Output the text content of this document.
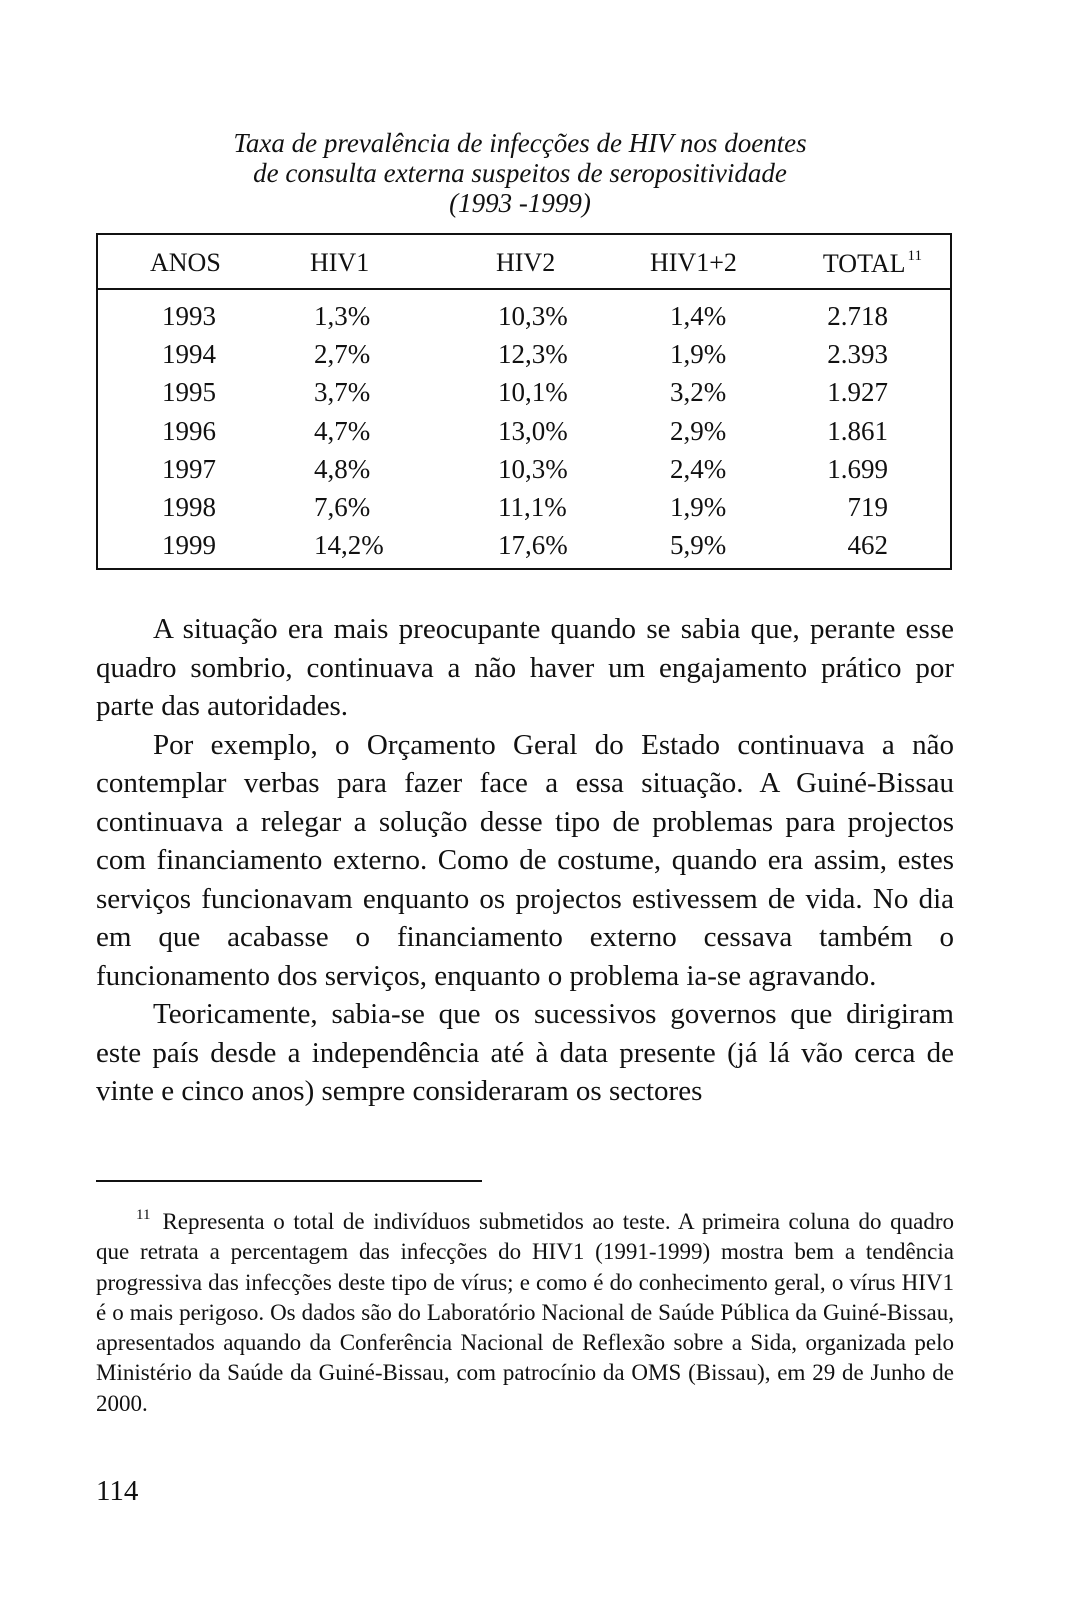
Taxa de prevalência de infecções de HIV nos doentes
de consulta externa suspeitos de seropositividade
(1993 -1999)
ANOS	HIV1	HIV2	HIV1+2	TOTAL $^{11}$
1993	1,3%	10,3%	1,4%	2.718
1994	2,7%	12,3%	1,9%	2.393
1995	3,7%	10,1%	3,2%	1.927
1996	4,7%	13,0%	2,9%	1.861
1997	4,8%	10,3%	2,4%	1.699
1998	7,6%	11,1%	1,9%	719
1999	14,2%	17,6%	5,9%	462

A situação era mais preocupante quando se sabia que, perante esse quadro sombrio, continuava a não haver um engajamento prático por parte das autoridades.

Por exemplo, o Orçamento Geral do Estado continuava a não contemplar verbas para fazer face a essa situação. A Guiné-Bissau continuava a relegar a solução desse tipo de problemas para projectos com financiamento externo. Como de costume, quando era assim, estes serviços funcionavam enquanto os projectos estivessem de vida. No dia em que acabasse o financiamento externo cessava também o funcionamento dos serviços, enquanto o problema ia-se agravando.

Teoricamente, sabia-se que os sucessivos governos que dirigiram este país desde a independência até à data presente (já lá vão cerca de vinte e cinco anos) sempre consideraram os sectores

$^{11}$ Representa o total de indivíduos submetidos ao teste. A primeira coluna do quadro que retrata a percentagem das infecções do HIV1 (1991-1999) mostra bem a tendência progressiva das infecções deste tipo de vírus; e como é do conhecimento geral, o vírus HIV1 é o mais perigoso. Os dados são do Laboratório Nacional de Saúde Pública da Guiné-Bissau, apresentados aquando da Conferência Nacional de Reflexão sobre a Sida, organizada pelo Ministério da Saúde da Guiné-Bissau, com patrocínio da OMS (Bissau), em 29 de Junho de 2000.
114
